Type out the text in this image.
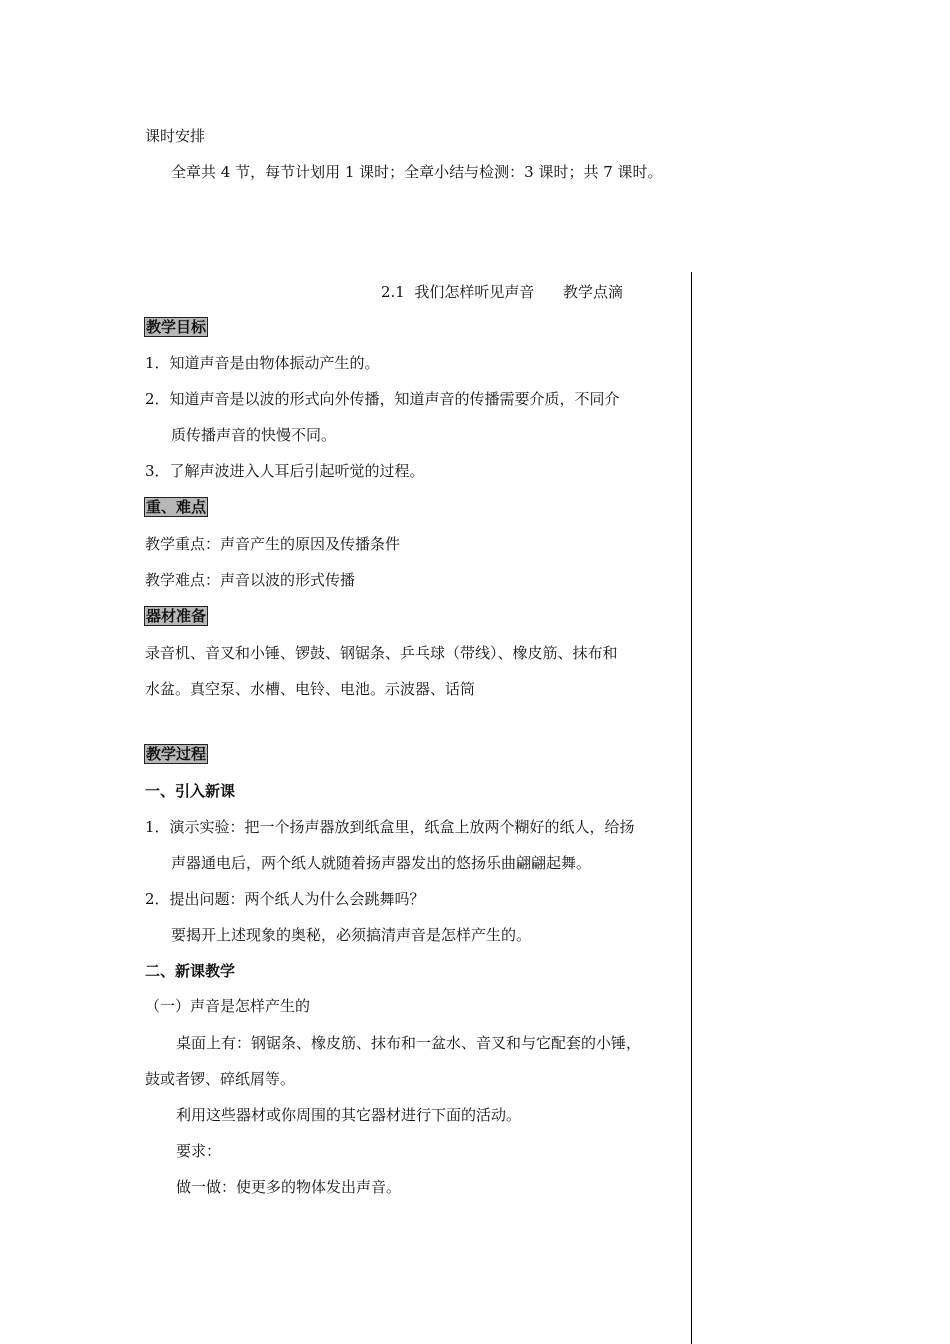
课时安排
全章共 4 节，每节计划用 1 课时；全章小结与检测：3 课时；共 7 课时。
2.1  我们怎样听见声音      教学点滴
教学目标
1．知道声音是由物体振动产生的。
2．知道声音是以波的形式向外传播，知道声音的传播需要介质，不同介
质传播声音的快慢不同。
3．了解声波进入人耳后引起听觉的过程。
重、难点
教学重点：声音产生的原因及传播条件
教学难点：声音以波的形式传播
器材准备
录音机、音叉和小锤、锣鼓、钢锯条、乒乓球（带线）、橡皮筋、抹布和
水盆。真空泵、水槽、电铃、电池。示波器、话筒
教学过程
一、引入新课
1．演示实验：把一个扬声器放到纸盒里，纸盒上放两个糊好的纸人，给扬
声器通电后，两个纸人就随着扬声器发出的悠扬乐曲翩翩起舞。
2．提出问题：两个纸人为什么会跳舞吗？
要揭开上述现象的奥秘，必须搞清声音是怎样产生的。
二、新课教学
（一）声音是怎样产生的
桌面上有：钢锯条、橡皮筋、抹布和一盆水、音叉和与它配套的小锤，
鼓或者锣、碎纸屑等。
利用这些器材或你周围的其它器材进行下面的活动。
要求：
做一做：使更多的物体发出声音。
